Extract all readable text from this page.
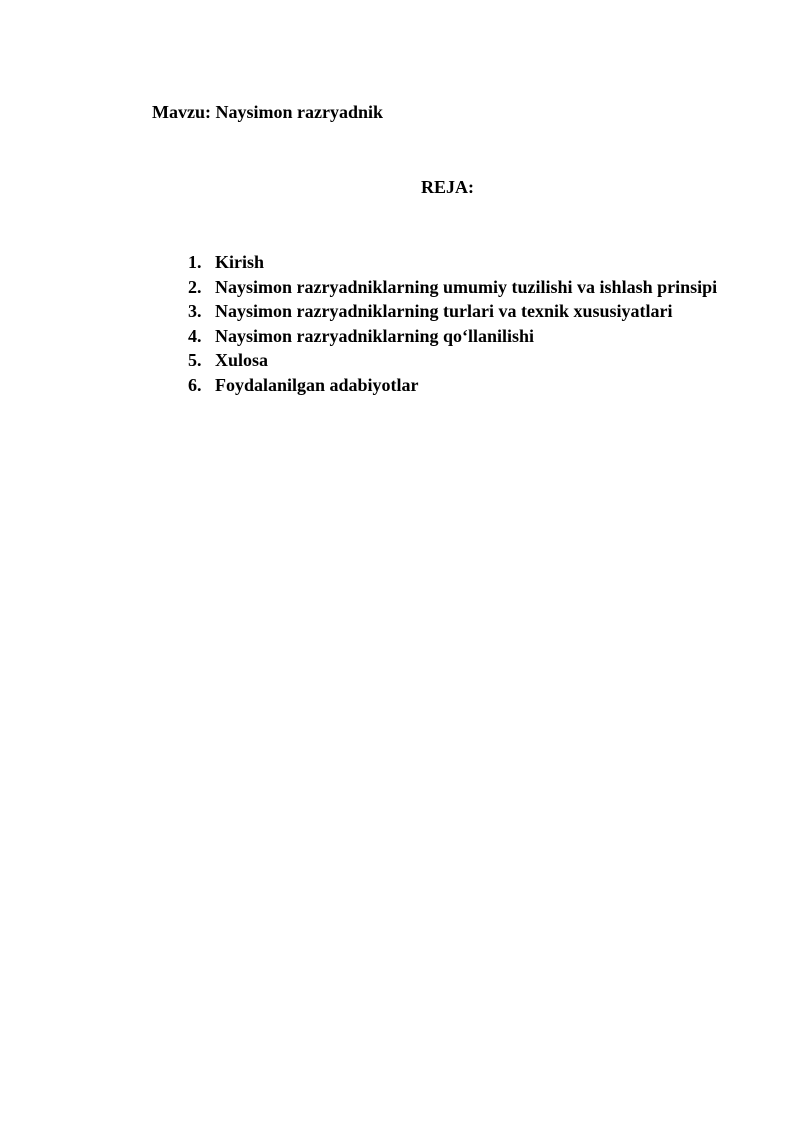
Mavzu: Naysimon razryadnik
REJA:
1. Kirish
2. Naysimon razryadniklarning umumiy tuzilishi va ishlash prinsipi
3. Naysimon razryadniklarning turlari va texnik xususiyatlari
4. Naysimon razryadniklarning qo‘llanilishi
5. Xulosa
6. Foydalanilgan adabiyotlar
